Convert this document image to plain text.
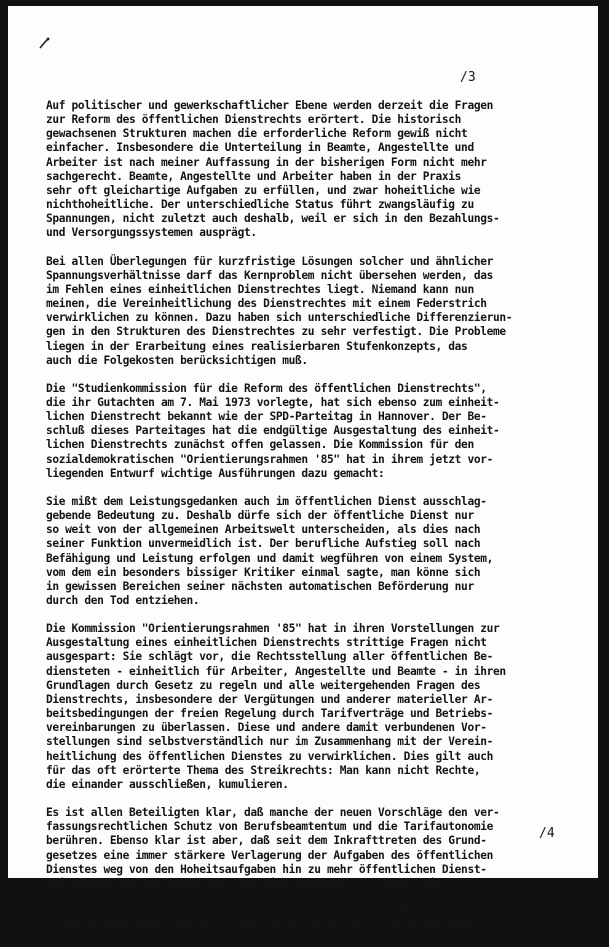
/3
Auf politischer und gewerkschaftlicher Ebene werden derzeit die Fragen
zur Reform des öffentlichen Dienstrechts erörtert. Die historisch
gewachsenen Strukturen machen die erforderliche Reform gewiß nicht
einfacher. Insbesondere die Unterteilung in Beamte, Angestellte und
Arbeiter ist nach meiner Auffassung in der bisherigen Form nicht mehr
sachgerecht. Beamte, Angestellte und Arbeiter haben in der Praxis
sehr oft gleichartige Aufgaben zu erfüllen, und zwar hoheitliche wie
nichthoheitliche. Der unterschiedliche Status führt zwangsläufig zu
Spannungen, nicht zuletzt auch deshalb, weil er sich in den Bezahlungs-
und Versorgungssystemen ausprägt.
Bei allen Überlegungen für kurzfristige Lösungen solcher und ähnlicher
Spannungsverhältnisse darf das Kernproblem nicht übersehen werden, das
im Fehlen eines einheitlichen Dienstrechtes liegt. Niemand kann nun
meinen, die Vereinheitlichung des Dienstrechtes mit einem Federstrich
verwirklichen zu können. Dazu haben sich unterschiedliche Differenzierun-
gen in den Strukturen des Dienstrechtes zu sehr verfestigt. Die Probleme
liegen in der Erarbeitung eines realisierbaren Stufenkonzepts, das
auch die Folgekosten berücksichtigen muß.
Die "Studienkommission für die Reform des öffentlichen Dienstrechts",
die ihr Gutachten am 7. Mai 1973 vorlegte, hat sich ebenso zum einheit-
lichen Dienstrecht bekannt wie der SPD-Parteitag in Hannover. Der Be-
schluß dieses Parteitages hat die endgültige Ausgestaltung des einheit-
lichen Dienstrechts zunächst offen gelassen. Die Kommission für den
sozialdemokratischen "Orientierungsrahmen '85" hat in ihrem jetzt vor-
liegenden Entwurf wichtige Ausführungen dazu gemacht:
Sie mißt dem Leistungsgedanken auch im öffentlichen Dienst ausschlag-
gebende Bedeutung zu. Deshalb dürfe sich der öffentliche Dienst nur
so weit von der allgemeinen Arbeitswelt unterscheiden, als dies nach
seiner Funktion unvermeidlich ist. Der berufliche Aufstieg soll nach
Befähigung und Leistung erfolgen und damit wegführen von einem System,
vom dem ein besonders bissiger Kritiker einmal sagte, man könne sich
in gewissen Bereichen seiner nächsten automatischen Beförderung nur
durch den Tod entziehen.
Die Kommission "Orientierungsrahmen '85" hat in ihren Vorstellungen zur
Ausgestaltung eines einheitlichen Dienstrechts strittige Fragen nicht
ausgespart: Sie schlägt vor, die Rechtsstellung aller öffentlichen Be-
diensteten - einheitlich für Arbeiter, Angestellte und Beamte - in ihren
Grundlagen durch Gesetz zu regeln und alle weitergehenden Fragen des
Dienstrechts, insbesondere der Vergütungen und anderer materieller Ar-
beitsbedingungen der freien Regelung durch Tarifverträge und Betriebs-
vereinbarungen zu überlassen. Diese und andere damit verbundenen Vor-
stellungen sind selbstverständlich nur im Zusammenhang mit der Verein-
heitlichung des öffentlichen Dienstes zu verwirklichen. Dies gilt auch
für das oft erörterte Thema des Streikrechts: Man kann nicht Rechte,
die einander ausschließen, kumulieren.
Es ist allen Beteiligten klar, daß manche der neuen Vorschläge den ver-
fassungsrechtlichen Schutz von Berufsbeamtentum und die Tarifautonomie
berühren. Ebenso klar ist aber, daß seit dem Inkrafttreten des Grund-
gesetzes eine immer stärkere Verlagerung der Aufgaben des öffentlichen
Dienstes weg von den Hoheitsaufgaben hin zu mehr öffentlichen Dienst-
leistungen stattgefunden hat. Dem wird Rechnung zu tragen sein.
Die Einführung eines vernünftig ausgestatteten so beschaffenen einheit-
lichen Dienstrechts ist aus meiner Sicht nicht für einen Alleingang
/4
